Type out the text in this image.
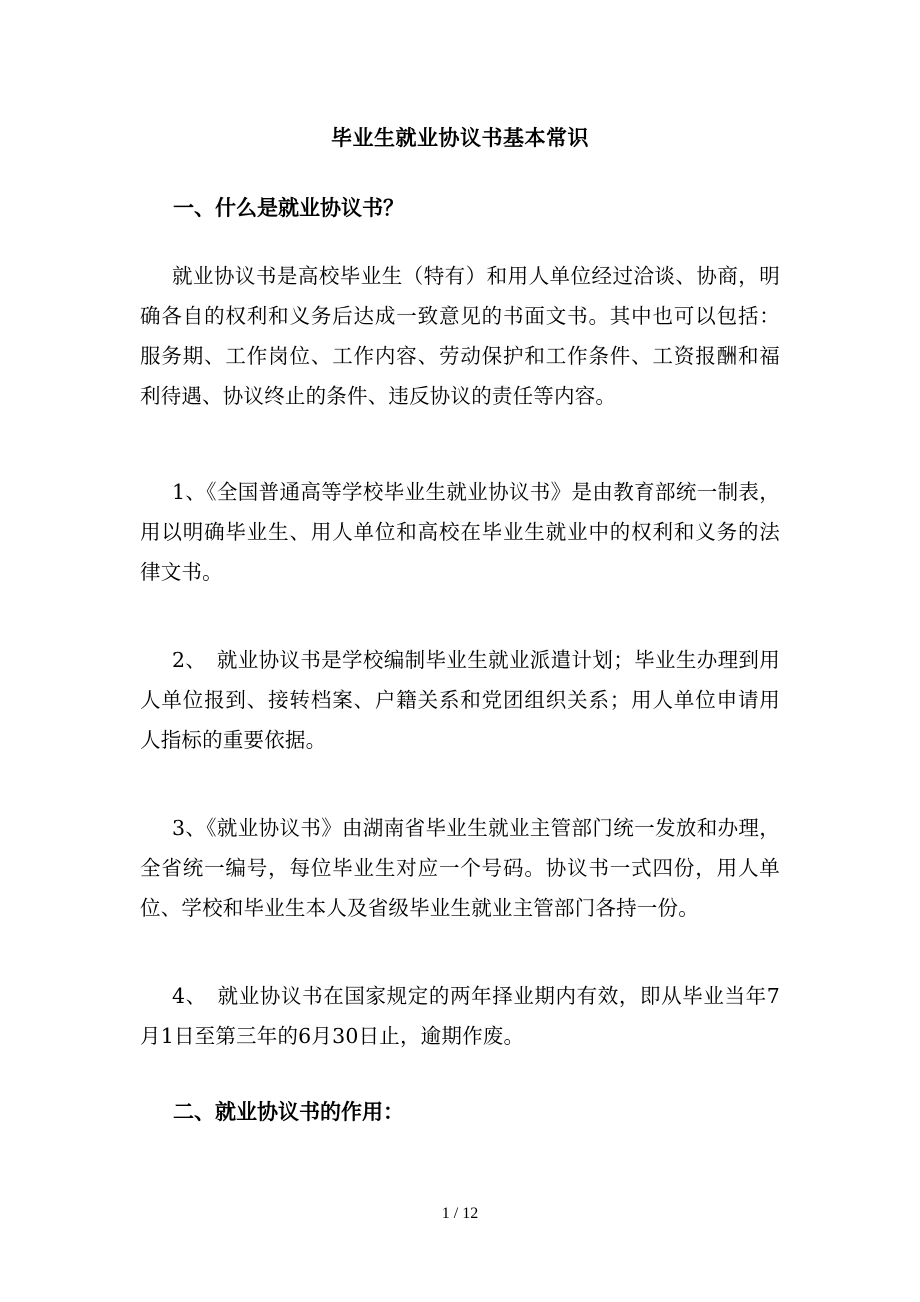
毕业生就业协议书基本常识
一、什么是就业协议书？

就业协议书是高校毕业生（特有）和用人单位经过洽谈、协商，明确各自的权利和义务后达成一致意见的书面文书。其中也可以包括：服务期、工作岗位、工作内容、劳动保护和工作条件、工资报酬和福利待遇、协议终止的条件、违反协议的责任等内容。

1、《全国普通高等学校毕业生就业协议书》是由教育部统一制表，用以明确毕业生、用人单位和高校在毕业生就业中的权利和义务的法律文书。

2、　就业协议书是学校编制毕业生就业派遣计划；毕业生办理到用人单位报到、接转档案、户籍关系和党团组织关系；用人单位申请用人指标的重要依据。

3、《就业协议书》由湖南省毕业生就业主管部门统一发放和办理，全省统一编号，每位毕业生对应一个号码。协议书一式四份，用人单位、学校和毕业生本人及省级毕业生就业主管部门各持一份。

4、　就业协议书在国家规定的两年择业期内有效，即从毕业当年7月1日至第三年的6月30日止，逾期作废。

二、就业协议书的作用：
1 / 12
